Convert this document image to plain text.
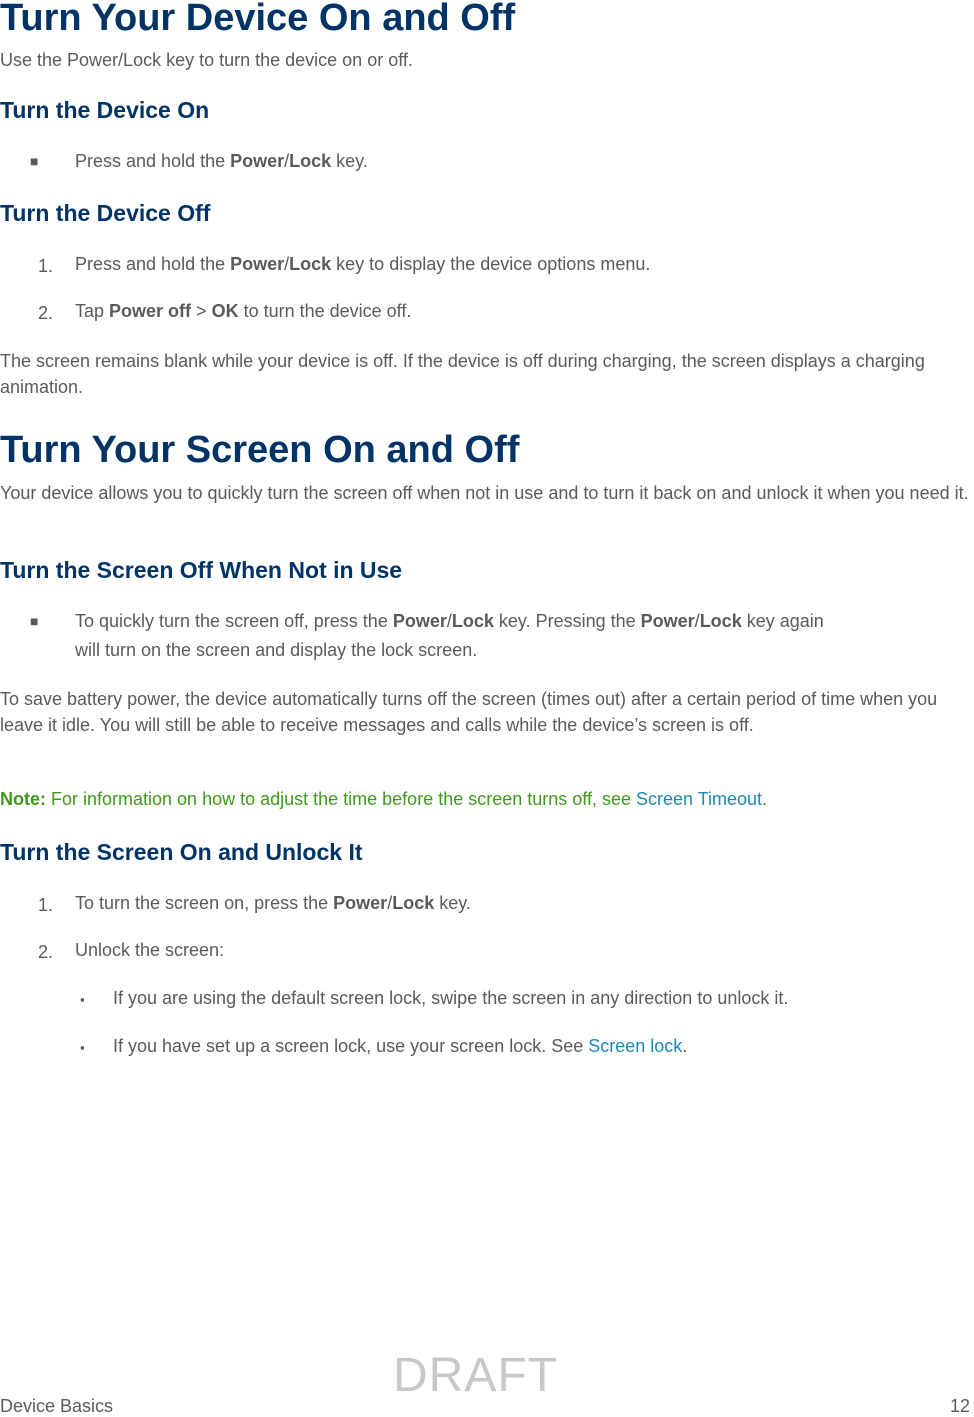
Turn Your Device On and Off

Use the Power/Lock key to turn the device on or off.

Turn the Device On
■ Press and hold the Power/Lock key.
Turn the Device Off
1. Press and hold the Power/Lock key to display the device options menu.
2. Tap Power off > OK to turn the device off.

The screen remains blank while your device is off. If the device is off during charging, the screen displays a charging animation.

Turn Your Screen On and Off

Your device allows you to quickly turn the screen off when not in use and to turn it back on and unlock it when you need it.

Turn the Screen Off When Not in Use
■ To quickly turn the screen off, press the Power/Lock key. Pressing the Power/Lock key again
will turn on the screen and display the lock screen.

To save battery power, the device automatically turns off the screen (times out) after a certain period of time when you leave it idle. You will still be able to receive messages and calls while the device’s screen is off.

Note: For information on how to adjust the time before the screen turns off, see Screen Timeout.

Turn the Screen On and Unlock It
1. To turn the screen on, press the Power/Lock key.
2. Unlock the screen:
▪ If you are using the default screen lock, swipe the screen in any direction to unlock it.
▪ If you have set up a screen lock, use your screen lock. See Screen lock.
DRAFT
Device Basics	12
